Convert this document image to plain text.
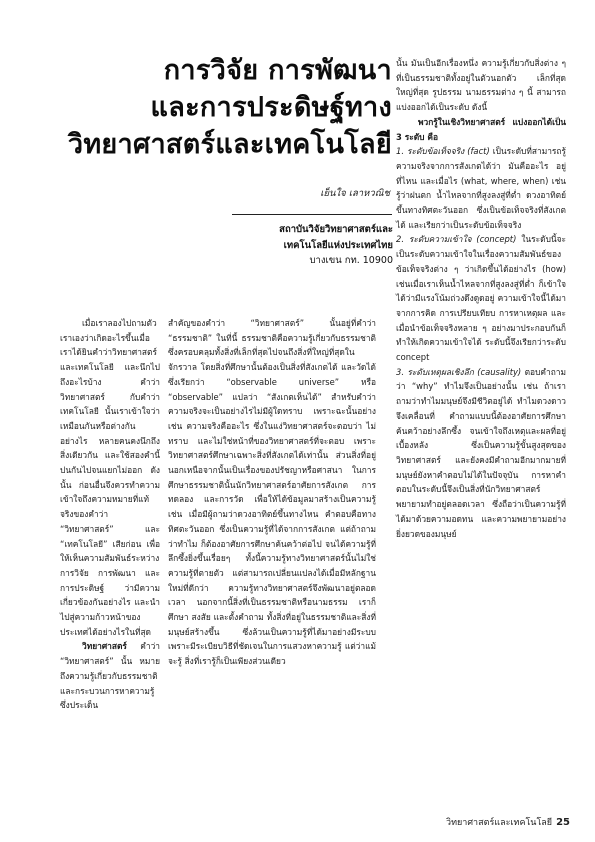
การวิจัย การพัฒนา
และการประดิษฐ์ทาง
วิทยาศาสตร์และเทคโนโลยี
เย็นใจ เลาหวณิช
สถาบันวิจัยวิทยาศาสตร์และ
เทคโนโลยีแห่งประเทศไทย
บางเขน กท. 10900

เมื่อเราลองไปถามตัวเราเองว่าเกิดอะไรขึ้นเมื่อเราได้ยินคำว่าวิทยาศาสตร์และเทคโนโลยี และนึกไปถึงอะไรบ้าง คำว่าวิทยาศาสตร์ กับคำว่าเทคโนโลยี นั้นเราเข้าใจว่าเหมือนกันหรือต่างกันอย่างไร หลายคนคงนึกถึงสิ่งเดียวกัน และใช้สองคำนี้ปนกันไปจนแยกไม่ออก ดังนั้น ก่อนอื่นจึงควรทำความเข้าใจถึงความหมายที่แท้จริงของคำว่า “วิทยาศาสตร์” และ “เทคโนโลยี” เสียก่อน เพื่อให้เห็นความสัมพันธ์ระหว่างการวิจัย การพัฒนา และการประดิษฐ์ ว่ามีความเกี่ยวข้องกันอย่างไร และนำไปสู่ความก้าวหน้าของประเทศได้อย่างไรในที่สุด

วิทยาศาสตร์ คำว่า “วิทยาศาสตร์” นั้น หมายถึงความรู้เกี่ยวกับธรรมชาติและกระบวนการหาความรู้ ซึ่งประเด็น

สำคัญของคำว่า “วิทยาศาสตร์” นั้นอยู่ที่คำว่า “ธรรมชาติ” ในที่นี้ ธรรมชาติคือความรู้เกี่ยวกับธรรมชาติ ซึ่งครอบคลุมทั้งสิ่งที่เล็กที่สุดไปจนถึงสิ่งที่ใหญ่ที่สุดในจักรวาล โดยสิ่งที่ศึกษานั้นต้องเป็นสิ่งที่สังเกตได้ และวัดได้ ซึ่งเรียกว่า “observable universe” หรือ “observable” แปลว่า “สังเกตเห็นได้” สำหรับคำว่าความจริงจะเป็นอย่างไรไม่มีผู้ใดทราบ เพราะฉะนั้นอย่างเช่น ความจริงคืออะไร ซึ่งในแง่วิทยาศาสตร์จะตอบว่า ไม่ทราบ และไม่ใช่หน้าที่ของวิทยาศาสตร์ที่จะตอบ เพราะวิทยาศาสตร์ศึกษาเฉพาะสิ่งที่สังเกตได้เท่านั้น ส่วนสิ่งที่อยู่นอกเหนือจากนั้นเป็นเรื่องของปรัชญาหรือศาสนา ในการศึกษาธรรมชาตินั้นนักวิทยาศาสตร์อาศัยการสังเกต การทดลอง และการวัด เพื่อให้ได้ข้อมูลมาสร้างเป็นความรู้ เช่น เมื่อมีผู้ถามว่าดวงอาทิตย์ขึ้นทางไหน คำตอบคือทางทิศตะวันออก ซึ่งเป็นความรู้ที่ได้จากการสังเกต แต่ถ้าถามว่าทำไม ก็ต้องอาศัยการศึกษาค้นคว้าต่อไป จนได้ความรู้ที่ลึกซึ้งยิ่งขึ้นเรื่อยๆ ทั้งนี้ความรู้ทางวิทยาศาสตร์นั้นไม่ใช่ความรู้ที่ตายตัว แต่สามารถเปลี่ยนแปลงได้เมื่อมีหลักฐานใหม่ที่ดีกว่า ความรู้ทางวิทยาศาสตร์จึงพัฒนาอยู่ตลอดเวลา นอกจากนี้สิ่งที่เป็นธรรมชาติหรือนามธรรม เราก็ศึกษา สงสัย และตั้งคำถาม ทั้งสิ่งที่อยู่ในธรรมชาติและสิ่งที่มนุษย์สร้างขึ้น ซึ่งล้วนเป็นความรู้ที่ได้มาอย่างมีระบบ เพราะมีระเบียบวิธีที่ชัดเจนในการแสวงหาความรู้ แต่ว่าแม้จะรู้ สิ่งที่เรารู้ก็เป็นเพียงส่วนเดียว

นั้น มันเป็นอีกเรื่องหนึ่ง ความรู้เกี่ยวกับสิ่งต่าง ๆ ที่เป็นธรรมชาติทั้งอยู่ในตัวนอกตัว เล็กที่สุด ใหญ่ที่สุด รูปธรรม นามธรรมต่าง ๆ นี้ สามารถแบ่งออกได้เป็นระดับ ดังนี้

พวกรู้ในเชิงวิทยาศาสตร์ แบ่งออกได้เป็น 3 ระดับ คือ

1. ระดับข้อเท็จจริง (fact) เป็นระดับที่สามารถรู้ความจริงจากการสังเกตได้ว่า มันคืออะไร อยู่ที่ไหน และเมื่อไร (what, where, when) เช่นรู้ว่าฝนตก น้ำไหลจากที่สูงลงสู่ที่ต่ำ ดวงอาทิตย์ขึ้นทางทิศตะวันออก ซึ่งเป็นข้อเท็จจริงที่สังเกตได้ และเรียกว่าเป็นระดับข้อเท็จจริง

2. ระดับความเข้าใจ (concept) ในระดับนี้จะเป็นระดับความเข้าใจในเรื่องความสัมพันธ์ของข้อเท็จจริงต่าง ๆ ว่าเกิดขึ้นได้อย่างไร (how) เช่นเมื่อเราเห็นน้ำไหลจากที่สูงลงสู่ที่ต่ำ ก็เข้าใจได้ว่ามีแรงโน้มถ่วงดึงดูดอยู่ ความเข้าใจนี้ได้มาจากการคิด การเปรียบเทียบ การหาเหตุผล และเมื่อนำข้อเท็จจริงหลาย ๆ อย่างมาประกอบกันก็ทำให้เกิดความเข้าใจได้ ระดับนี้จึงเรียกว่าระดับ concept

3. ระดับเหตุผลเชิงลึก (causality) ตอบคำถามว่า “why” ทำไมจึงเป็นอย่างนั้น เช่น ถ้าเราถามว่าทำไมมนุษย์จึงมีชีวิตอยู่ได้ ทำไมดวงดาวจึงเคลื่อนที่ คำถามแบบนี้ต้องอาศัยการศึกษาค้นคว้าอย่างลึกซึ้ง จนเข้าใจถึงเหตุและผลที่อยู่เบื้องหลัง ซึ่งเป็นความรู้ขั้นสูงสุดของวิทยาศาสตร์ และยังคงมีคำถามอีกมากมายที่มนุษย์ยังหาคำตอบไม่ได้ในปัจจุบัน การหาคำตอบในระดับนี้จึงเป็นสิ่งที่นักวิทยาศาสตร์พยายามทำอยู่ตลอดเวลา ซึ่งถือว่าเป็นความรู้ที่ได้มาด้วยความอดทน และความพยายามอย่างยิ่งยวดของมนุษย์

วิทยาศาสตร์และเทคโนโลยี 25
